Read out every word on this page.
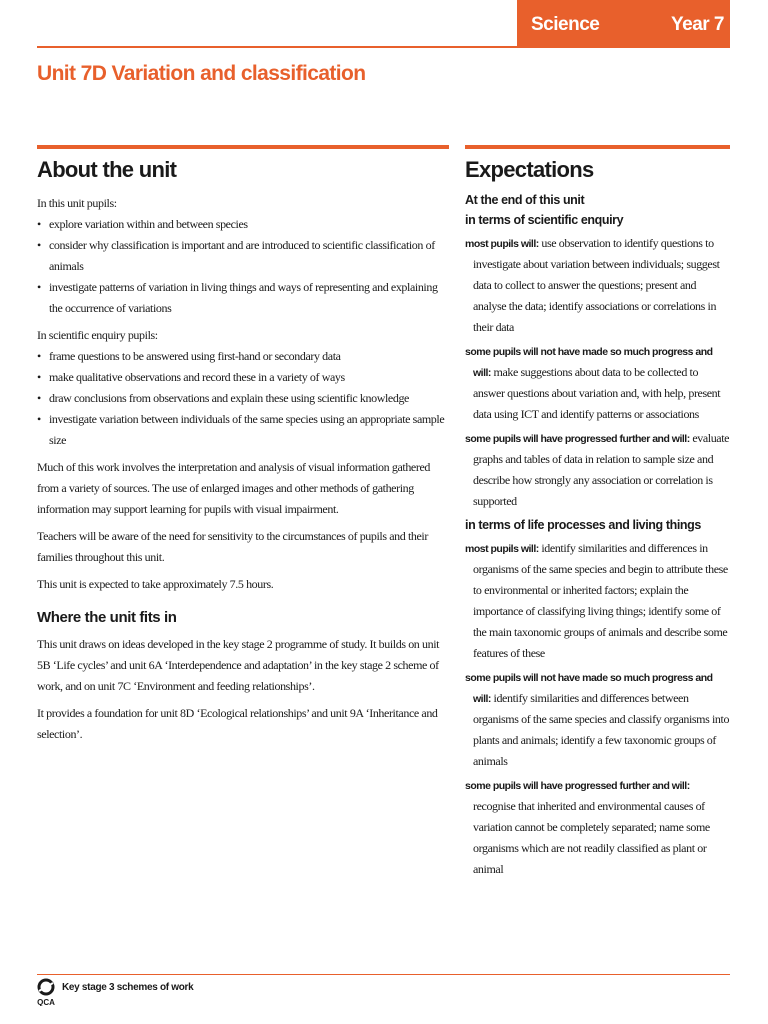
Science	Year 7
Unit 7D Variation and classification
About the unit

In this unit pupils:

• explore variation within and between species
• consider why classification is important and are introduced to scientific classification of animals
• investigate patterns of variation in living things and ways of representing and explaining the occurrence of variations

In scientific enquiry pupils:

• frame questions to be answered using first-hand or secondary data
• make qualitative observations and record these in a variety of ways
• draw conclusions from observations and explain these using scientific knowledge
• investigate variation between individuals of the same species using an appropriate sample size

Much of this work involves the interpretation and analysis of visual information gathered from a variety of sources. The use of enlarged images and other methods of gathering information may support learning for pupils with visual impairment.

Teachers will be aware of the need for sensitivity to the circumstances of pupils and their families throughout this unit.

This unit is expected to take approximately 7.5 hours.

Where the unit fits in

This unit draws on ideas developed in the key stage 2 programme of study. It builds on unit 5B ‘Life cycles’ and unit 6A ‘Interdependence and adaptation’ in the key stage 2 scheme of work, and on unit 7C ‘Environment and feeding relationships’.

It provides a foundation for unit 8D ‘Ecological relationships’ and unit 9A ‘Inheritance and selection’.

Expectations
At the end of this unit
in terms of scientific enquiry
most pupils will: use observation to identify questions to investigate about variation between individuals; suggest data to collect to answer the questions; present and analyse the data; identify associations or correlations in their data
some pupils will not have made so much progress and will: make suggestions about data to be collected to answer questions about variation and, with help, present data using ICT and identify patterns or associations
some pupils will have progressed further and will: evaluate graphs and tables of data in relation to sample size and describe how strongly any association or correlation is supported
in terms of life processes and living things
most pupils will: identify similarities and differences in organisms of the same species and begin to attribute these to environmental or inherited factors; explain the importance of classifying living things; identify some of the main taxonomic groups of animals and describe some features of these
some pupils will not have made so much progress and will: identify similarities and differences between organisms of the same species and classify organisms into plants and animals; identify a few taxonomic groups of animals
some pupils will have progressed further and will: recognise that inherited and environmental causes of variation cannot be completely separated; name some organisms which are not readily classified as plant or animal
QCA
Key stage 3 schemes of work
